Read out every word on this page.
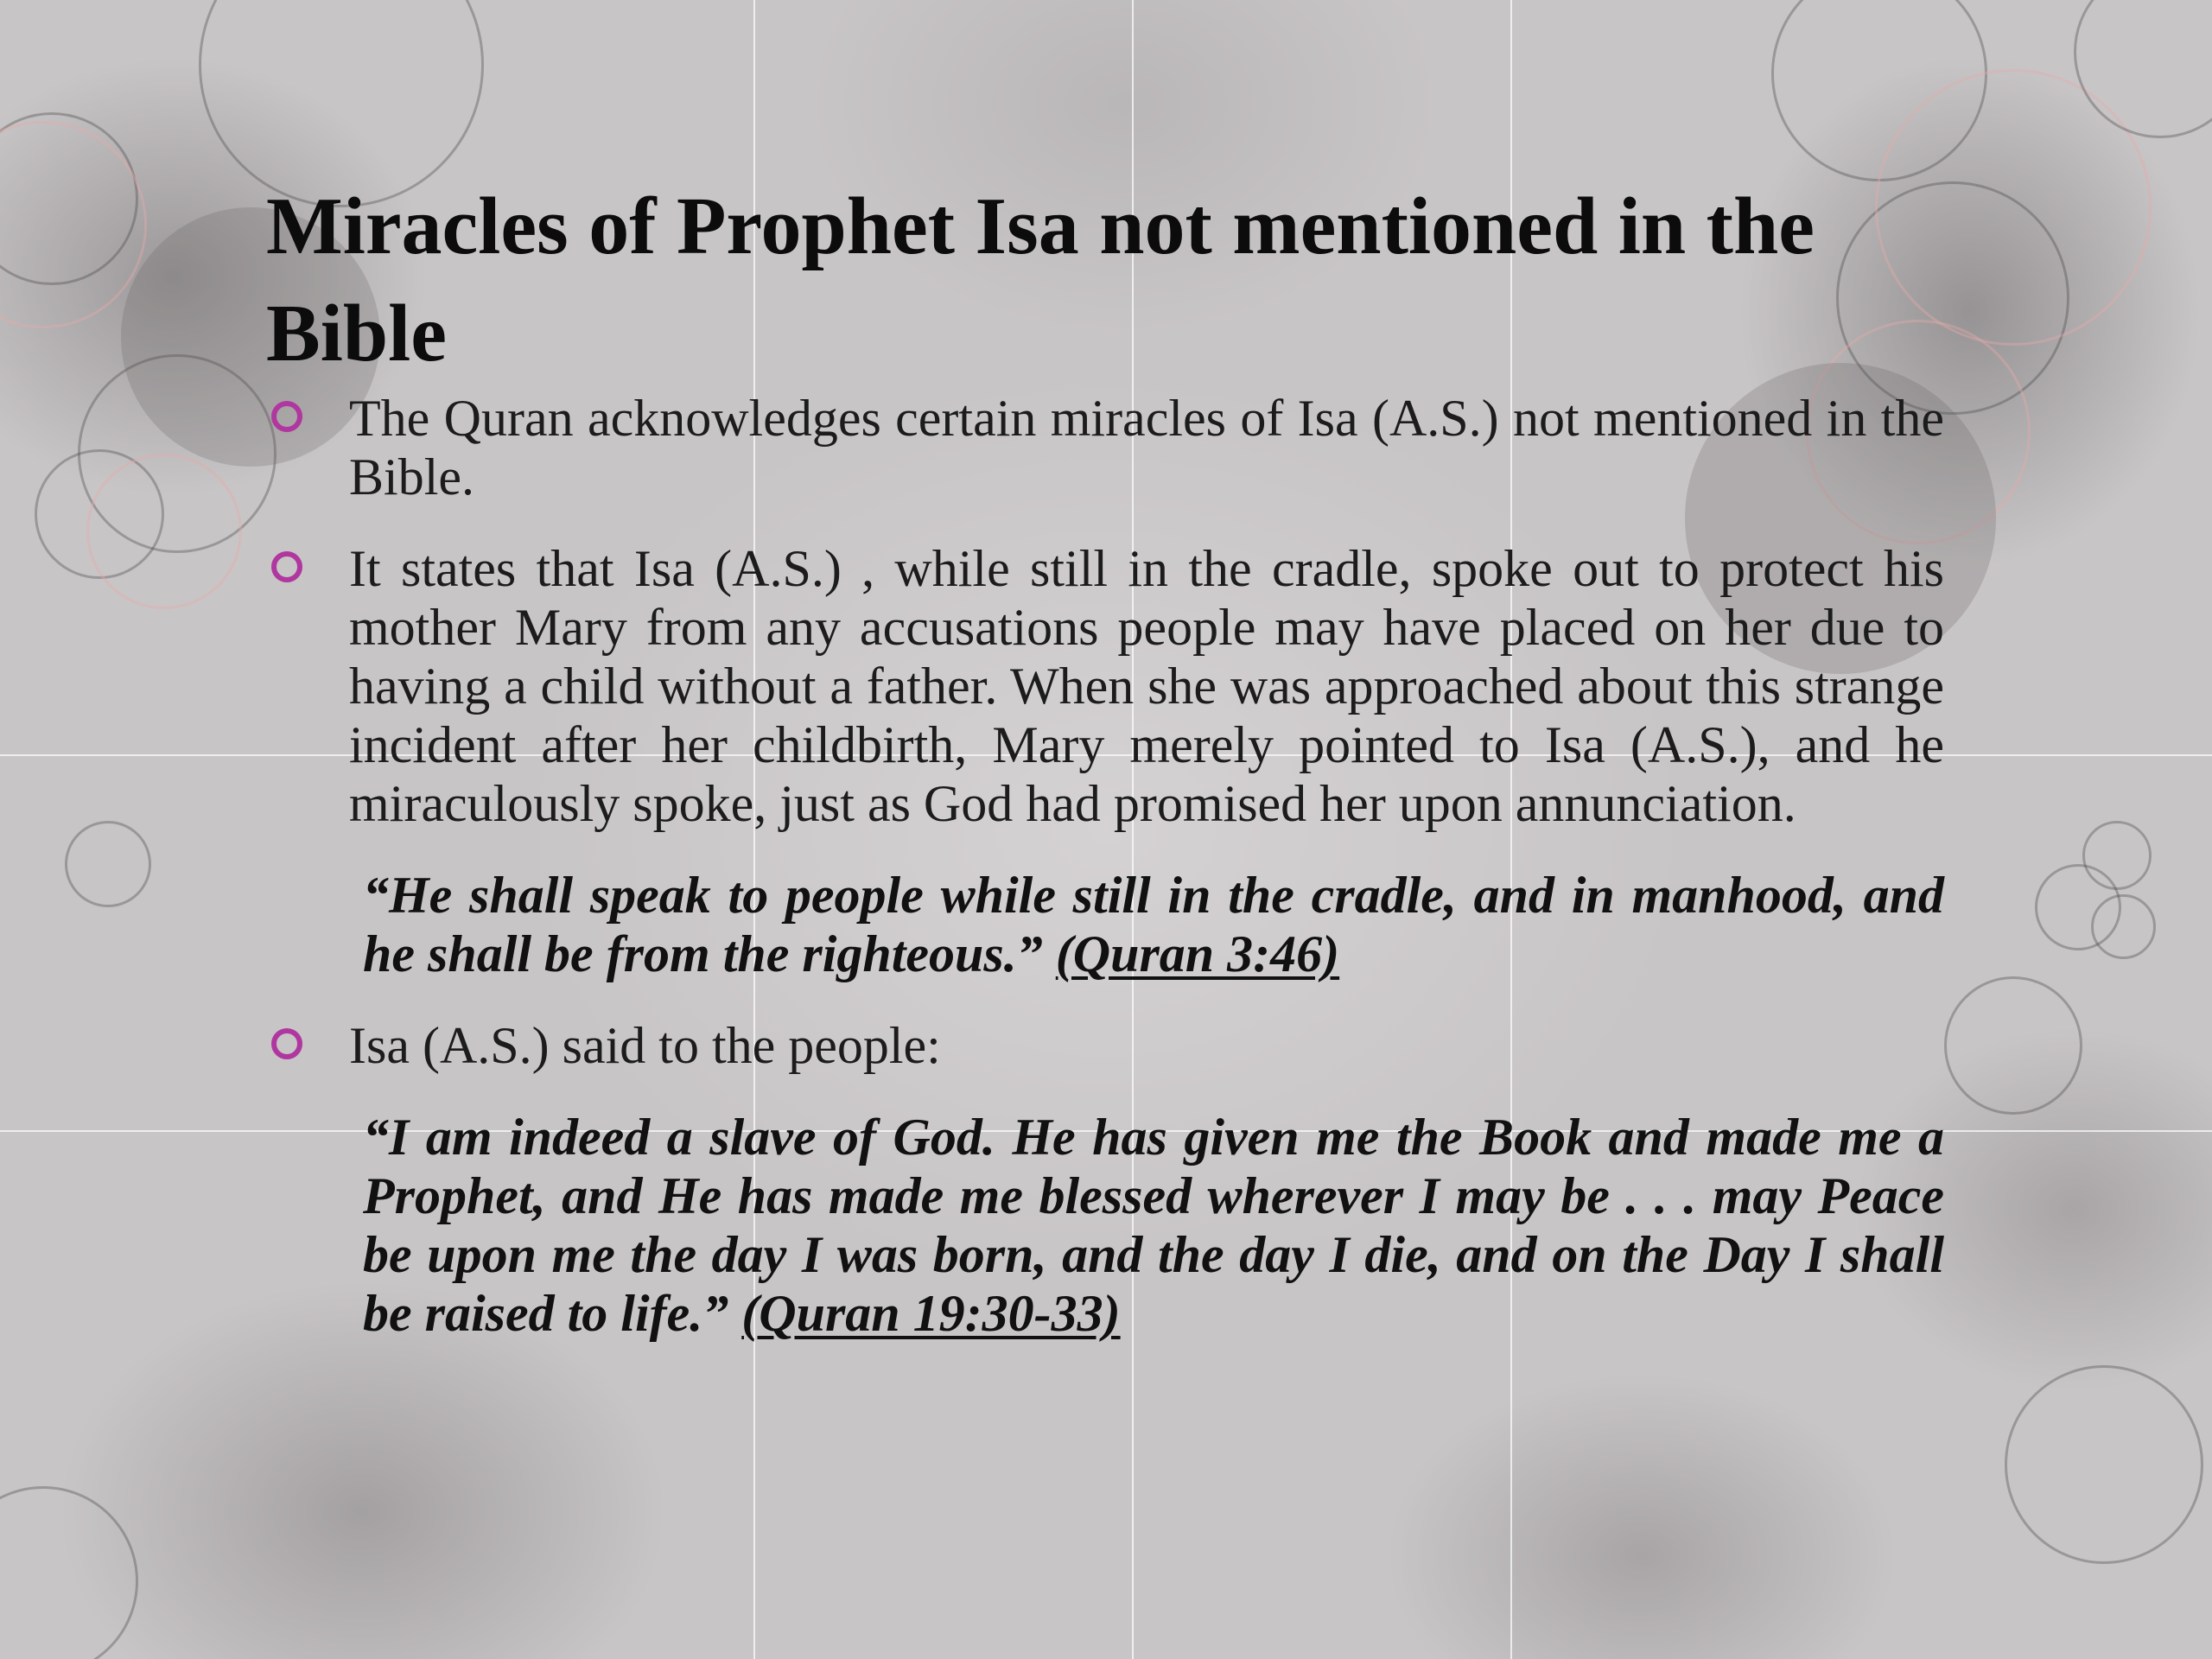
Miracles of Prophet Isa not mentioned in the Bible
The Quran acknowledges certain miracles of Isa (A.S.) not mentioned in the Bible.
It states that Isa (A.S.) , while still in the cradle, spoke out to protect his mother Mary from any accusations people may have placed on her due to having a child without a father. When she was approached about this strange incident after her childbirth, Mary merely pointed to Isa (A.S.), and he miraculously spoke, just as God had promised her upon annunciation.
“He shall speak to people while still in the cradle, and in manhood, and he shall be from the righteous.” (Quran 3:46)
Isa (A.S.) said to the people:
“I am indeed a slave of God. He has given me the Book and made me a Prophet, and He has made me blessed wherever I may be . . . may Peace be upon me the day I was born, and the day I die, and on the Day I shall be raised to life.” (Quran 19:30-33)
